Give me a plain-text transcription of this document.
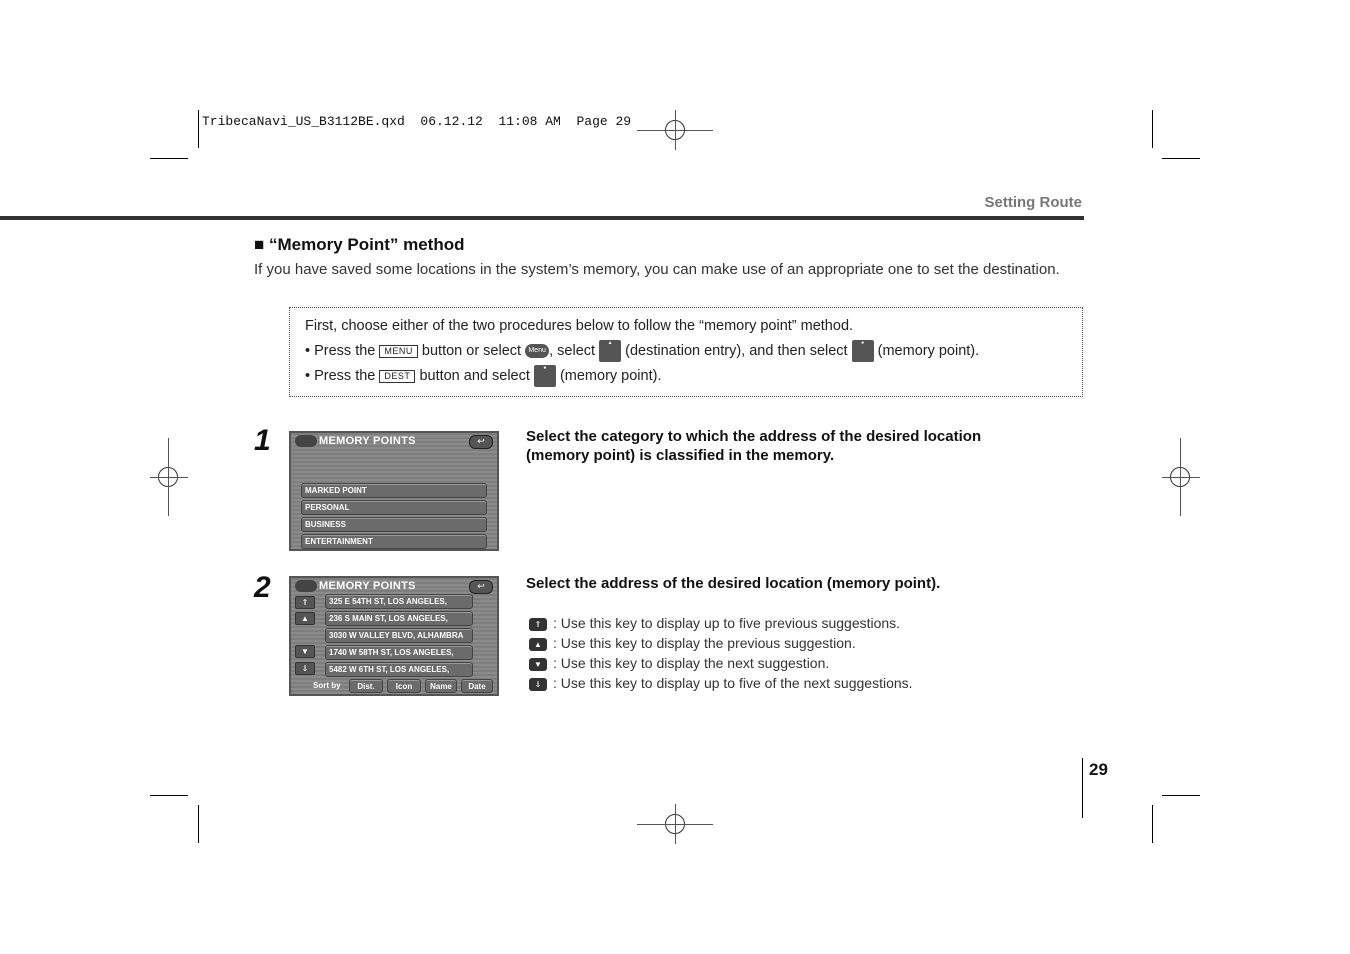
TribecaNavi_US_B3112BE.qxd  06.12.12  11:08 AM  Page 29
Setting Route
■ “Memory Point” method
If you have saved some locations in the system’s memory, you can make use of an appropriate one to set the destination.
First, choose either of the two procedures below to follow the “memory point” method.
• Press the MENU button or select Menu , select	▲ (destination entry), and then select	● (memory point).
• Press the DEST button and select	● (memory point).
1	MEMORY POINTS	↩
MARKED POINT
PERSONAL
BUSINESS
ENTERTAINMENT
Select the category to which the address of the desired location (memory point) is classified in the memory.
2	MEMORY POINTS	↩
⇑
▲
▼
⇓
325 E 54TH ST, LOS ANGELES,
236 S MAIN ST, LOS ANGELES,
3030 W VALLEY BLVD, ALHAMBRA
1740 W 58TH ST, LOS ANGELES,
5482 W 6TH ST, LOS ANGELES,
Sort by	Dist.	Icon	Name	Date
Select the address of the desired location (memory point).
⇑ : Use this key to display up to five previous suggestions.
▲ : Use this key to display the previous suggestion.
▼ : Use this key to display the next suggestion.
⇓ : Use this key to display up to five of the next suggestions.
29
